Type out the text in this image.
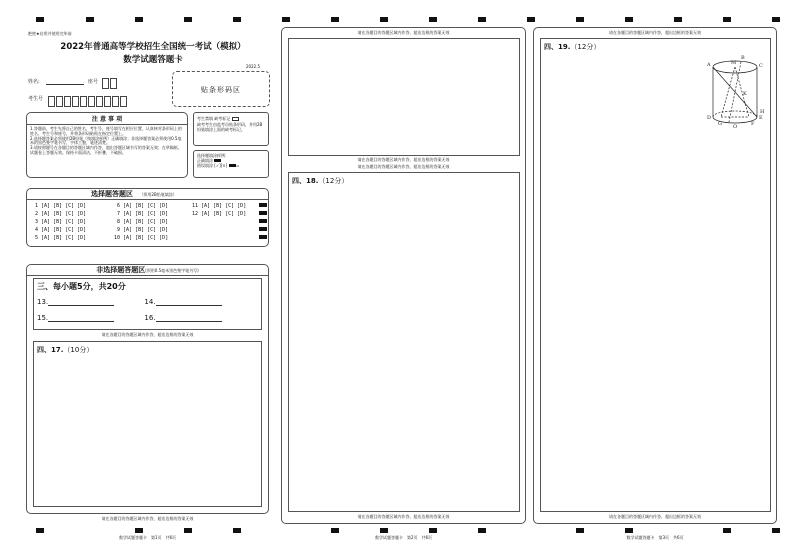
绝密★启用并使用完毕前
2022年普通高等学校招生全国统一考试（模拟）
数学试题答题卡
2022.5
姓名:	座号
考生号
贴条形码区
注 意 事 项
1.答题前，考生先将自己的姓名、考生号、座号填写在相应位置，认真核对条形码上的姓名、考生号和座号，并将条形码粘贴在指定位置上。
2.选择题答案必须使用2B铅笔（按填涂样例）正确填涂；非选择题答案必须使用0.5毫米的黑色签字笔书写，字体工整，笔迹清楚。
3.请按照题号在各题目的答题区域内作答，超出答题区域书写的答案无效；在草稿纸、试题卷上答题无效。保持卡面清洁，不折叠，不破损。
考生禁填 缺考标记
缺考考生由监考员贴条形码，并用2B铅笔填涂上面的缺考标记。
选择题填涂样例：
正确填涂
错误填涂 [✓][×] ▭
选择题答题区 （须用2B铅笔填涂）
1 [A] [B] [C] [D]
2 [A] [B] [C] [D]
3 [A] [B] [C] [D]
4 [A] [B] [C] [D]
5 [A] [B] [C] [D]
6 [A] [B] [C] [D]
7 [A] [B] [C] [D]
8 [A] [B] [C] [D]
9 [A] [B] [C] [D]
10 [A] [B] [C] [D]
11 [A] [B] [C] [D]
12 [A] [B] [C] [D]
非选择题答题区(须用0.5毫米黑色签字笔书写)
三、每小题5分，共20分
13.	14.
15.	16.
请在各题目的答题区域内作答，超出边框的答案无效
四、17.（10分）
请在各题目的答题区域内作答，超出边框的答案无效
数学试题答题卡　第1页　共6页
请在各题目的答题区域内作答，超出边框的答案无效
请在各题目的答题区域内作答，超出边框的答案无效
请在各题目的答题区域内作答，超出边框的答案无效
四、18.（12分）
请在各题目的答题区域内作答，超出边框的答案无效
数学试题答题卡　第2页　共6页
请在各题目的答题区域内作答，超出边框的答案无效
四、19.（12分）
A
B
C
D	E
F
O
M
G
H
K
请在各题目的答题区域内作答，超出边框的答案无效
数学试题答题卡　第3页　共6页
